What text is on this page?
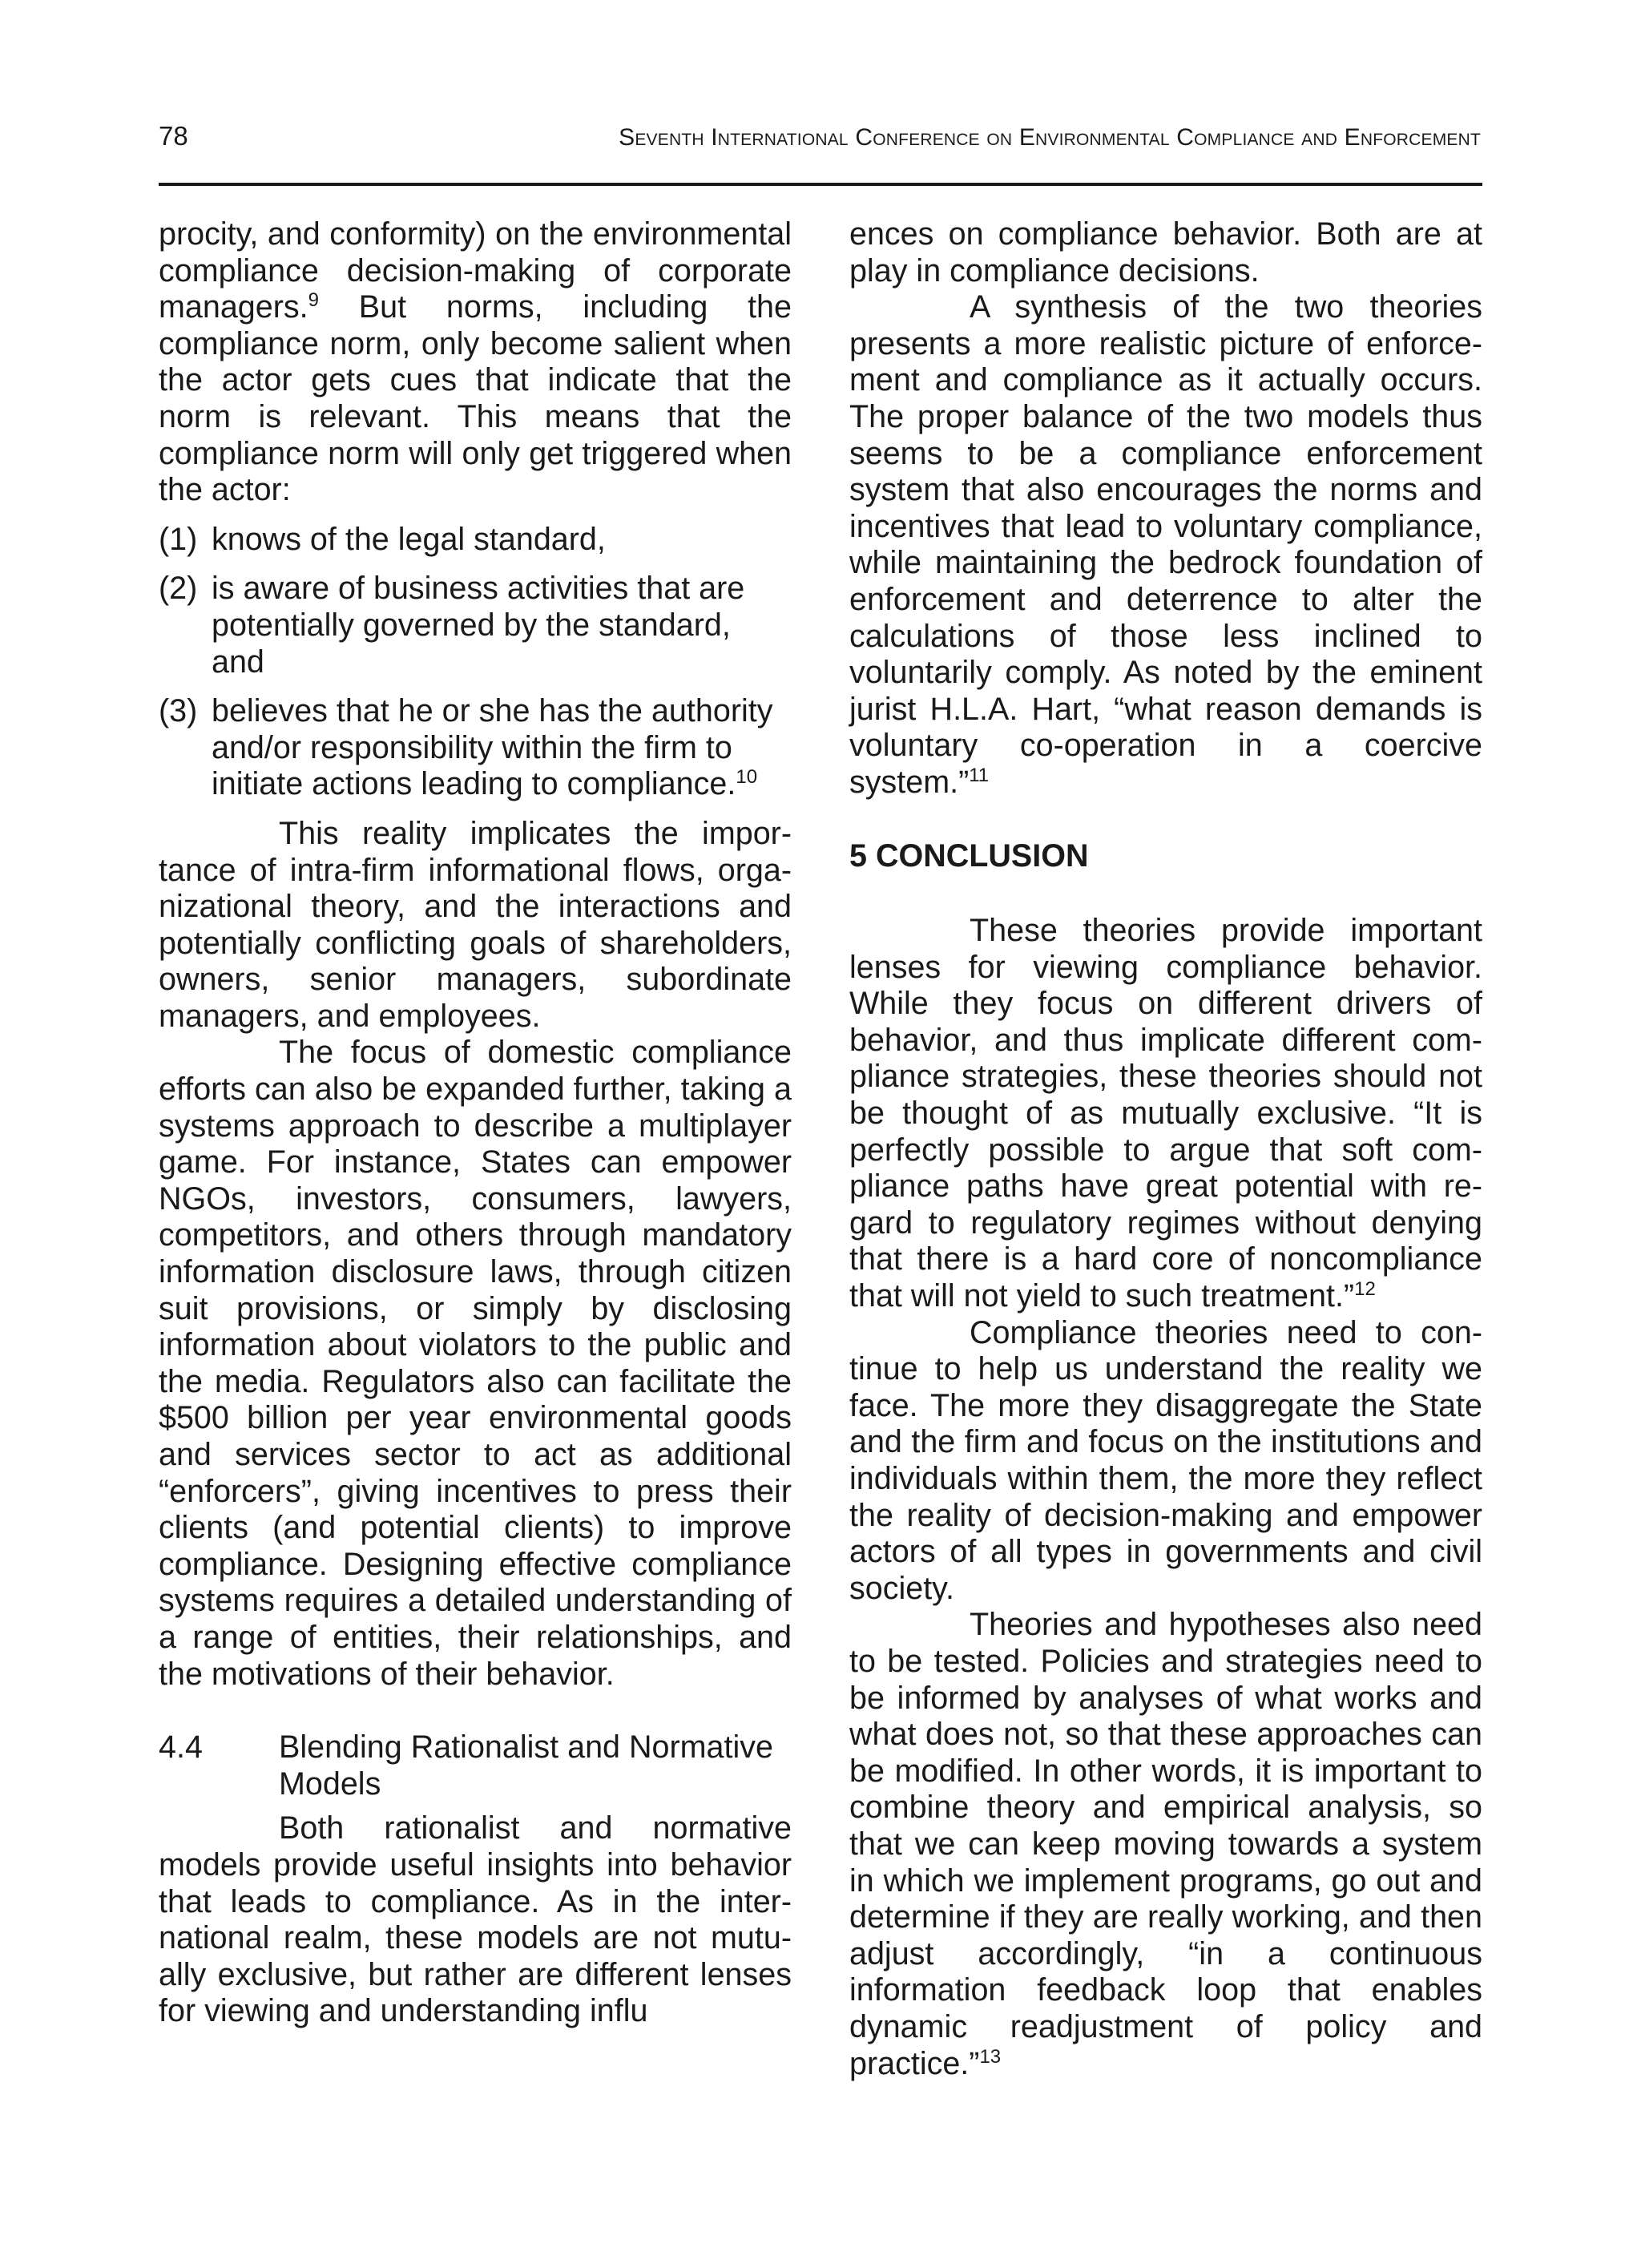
78	Seventh International Conference on Environmental Compliance and Enforcement

procity, and conformity) on the environmental compliance decision-making of corporate managers.$^9$ But norms, including the compliance norm, only become salient when the actor gets cues that indicate that the norm is relevant. This means that the compliance norm will only get triggered when the actor:

(1) knows of the legal standard,
(2) is aware of business activities that are potentially governed by the standard, and
(3) believes that he or she has the authority and/or responsibility within the firm to initiate actions leading to compliance.$^{10}$

This reality implicates the importance of intra-firm informational flows, organizational theory, and the interactions and potentially conflicting goals of shareholders, owners, senior managers, subordinate managers, and employees.

The focus of domestic compliance efforts can also be expanded further, taking a systems approach to describe a multiplayer game. For instance, States can empower NGOs, investors, consumers, lawyers, competitors, and others through mandatory information disclosure laws, through citizen suit provisions, or simply by disclosing information about violators to the public and the media. Regulators also can facilitate the $500 billion per year environmental goods and services sector to act as additional “enforcers”, giving incentives to press their clients (and potential clients) to improve compliance. Designing effective compliance systems requires a detailed understanding of a range of entities, their relationships, and the motivations of their behavior.

4.4	Blending Rationalist and Normative Models

Both rationalist and normative models provide useful insights into behavior that leads to compliance. As in the international realm, these models are not mutually exclusive, but rather are different lenses for viewing and understanding influ

ences on compliance behavior. Both are at play in compliance decisions.

A synthesis of the two theories presents a more realistic picture of enforcement and compliance as it actually occurs. The proper balance of the two models thus seems to be a compliance enforcement system that also encourages the norms and incentives that lead to voluntary compliance, while maintaining the bedrock foundation of enforcement and deterrence to alter the calculations of those less inclined to voluntarily comply. As noted by the eminent jurist H.L.A. Hart, “what reason demands is voluntary co-operation in a coercive system.”$^{11}$

5 CONCLUSION

These theories provide important lenses for viewing compliance behavior. While they focus on different drivers of behavior, and thus implicate different compliance strategies, these theories should not be thought of as mutually exclusive. “It is perfectly possible to argue that soft compliance paths have great potential with regard to regulatory regimes without denying that there is a hard core of noncompliance that will not yield to such treatment.”$^{12}$

Compliance theories need to continue to help us understand the reality we face. The more they disaggregate the State and the firm and focus on the institutions and individuals within them, the more they reflect the reality of decision-making and empower actors of all types in governments and civil society.

Theories and hypotheses also need to be tested. Policies and strategies need to be informed by analyses of what works and what does not, so that these approaches can be modified. In other words, it is important to combine theory and empirical analysis, so that we can keep moving towards a system in which we implement programs, go out and determine if they are really working, and then adjust accordingly, “in a continuous information feedback loop that enables dynamic readjustment of policy and practice.”$^{13}$
